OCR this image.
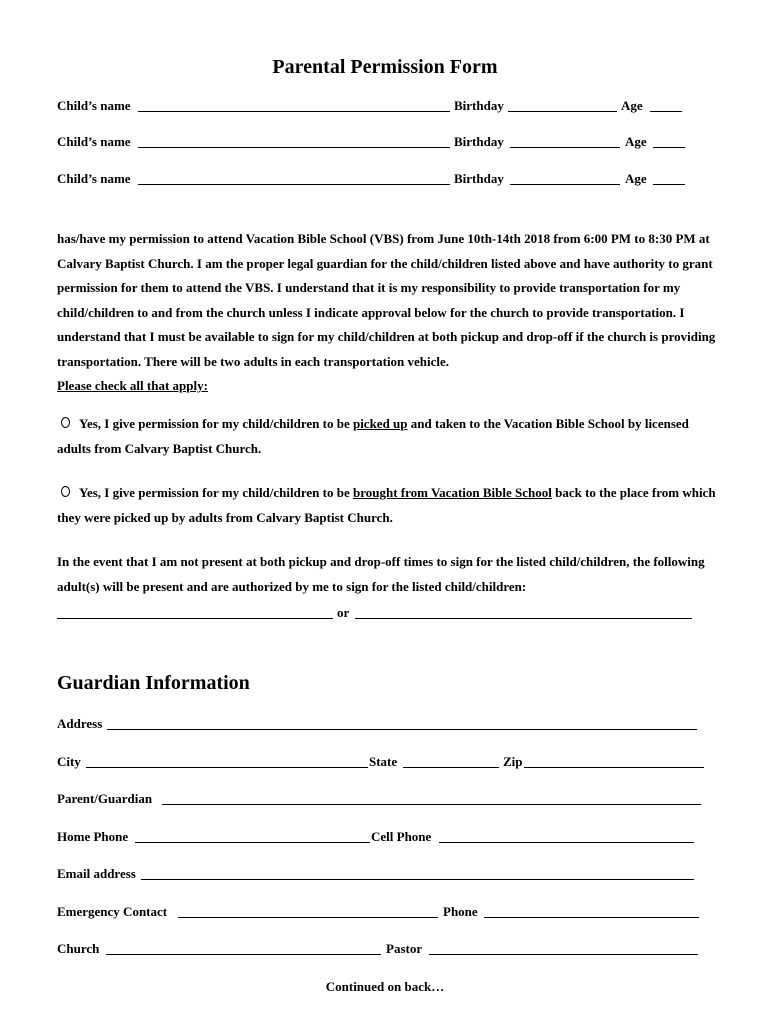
Parental Permission Form
Child’s name	Birthday	Age
Child’s name	Birthday	Age
Child’s name	Birthday	Age

has/have my permission to attend Vacation Bible School (VBS) from June 10th-14th 2018 from 6:00 PM to 8:30 PM at Calvary Baptist Church. I am the proper legal guardian for the child/children listed above and have authority to grant permission for them to attend the VBS. I understand that it is my responsibility to provide transportation for my child/children to and from the church unless I indicate approval below for the church to provide transportation. I understand that I must be available to sign for my child/children at both pickup and drop-off if the church is providing transportation. There will be two adults in each transportation vehicle.

Please check all that apply:

Yes, I give permission for my child/children to be picked up and taken to the Vacation Bible School by licensed adults from Calvary Baptist Church.
Yes, I give permission for my child/children to be brought from Vacation Bible School back to the place from which they were picked up by adults from Calvary Baptist Church.

In the event that I am not present at both pickup and drop-off times to sign for the listed child/children, the following adult(s) will be present and are authorized by me to sign for the listed child/children:

or
Guardian Information
Address
City	State	Zip
Parent/Guardian
Home Phone	Cell Phone
Email address
Emergency Contact	Phone
Church	Pastor
Continued on back…
